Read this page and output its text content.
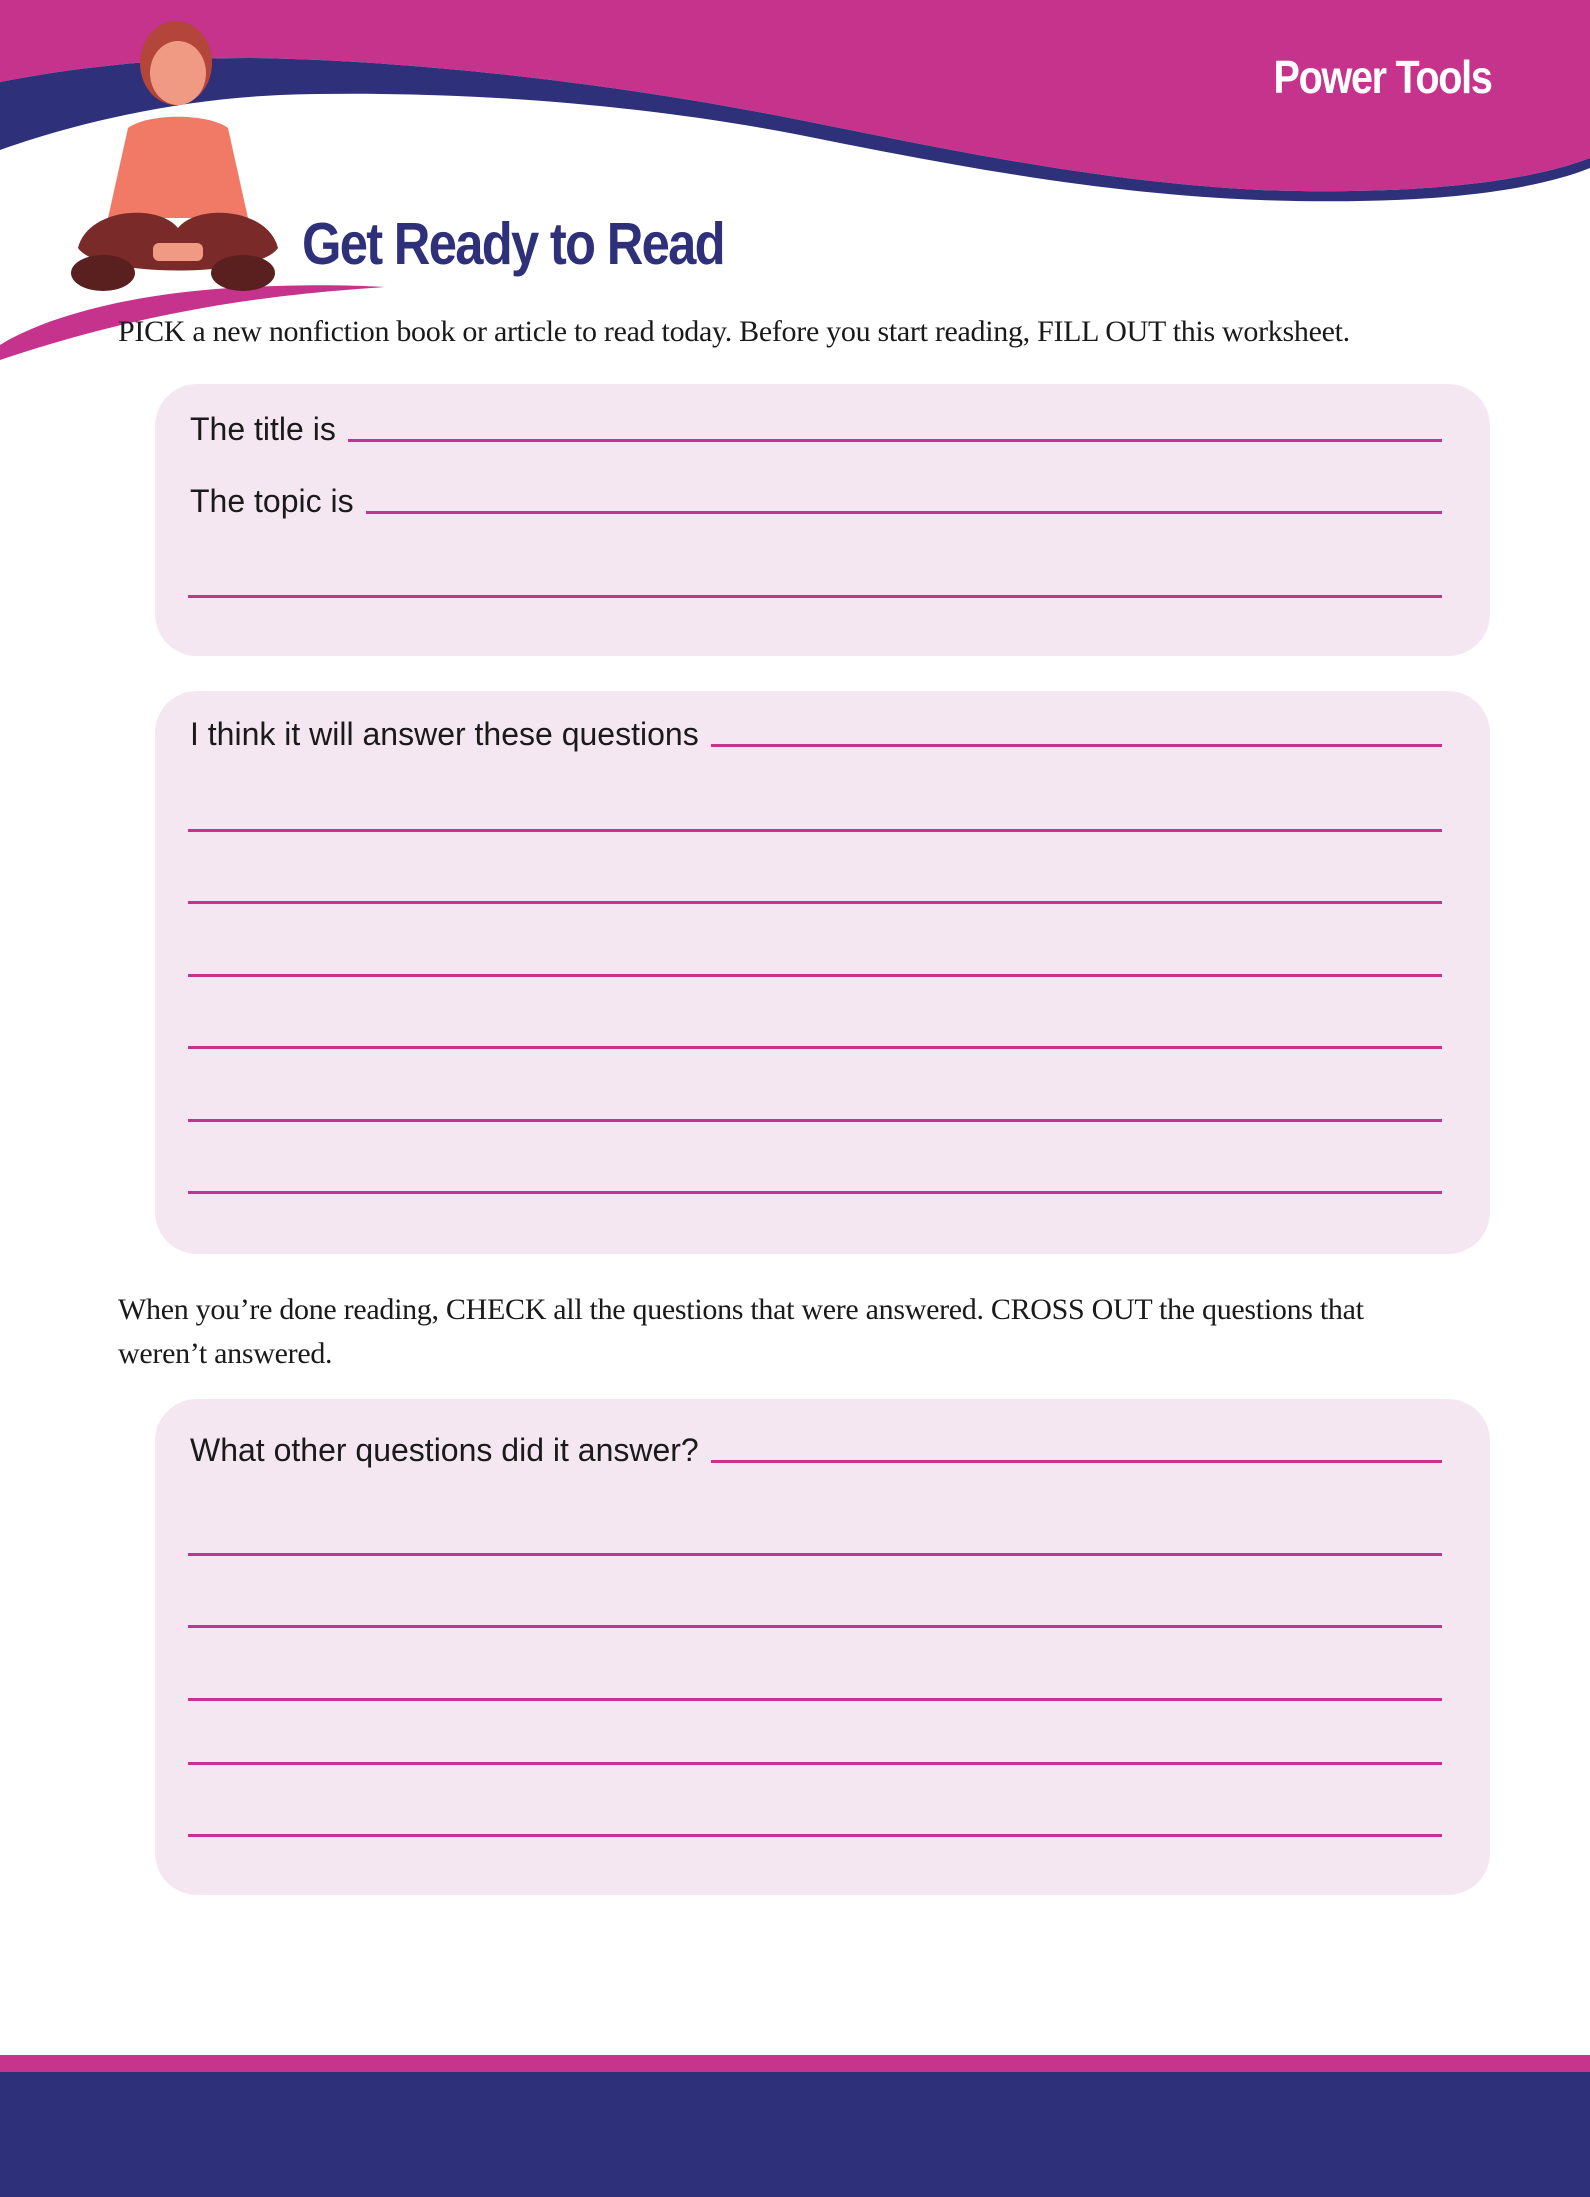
Power Tools
Get Ready to Read
PICK a new nonfiction book or article to read today. Before you start reading, FILL OUT this worksheet.
The title is
The topic is
I think it will answer these questions
When you’re done reading, CHECK all the questions that were answered. CROSS OUT the questions that weren’t answered.
What other questions did it answer?
